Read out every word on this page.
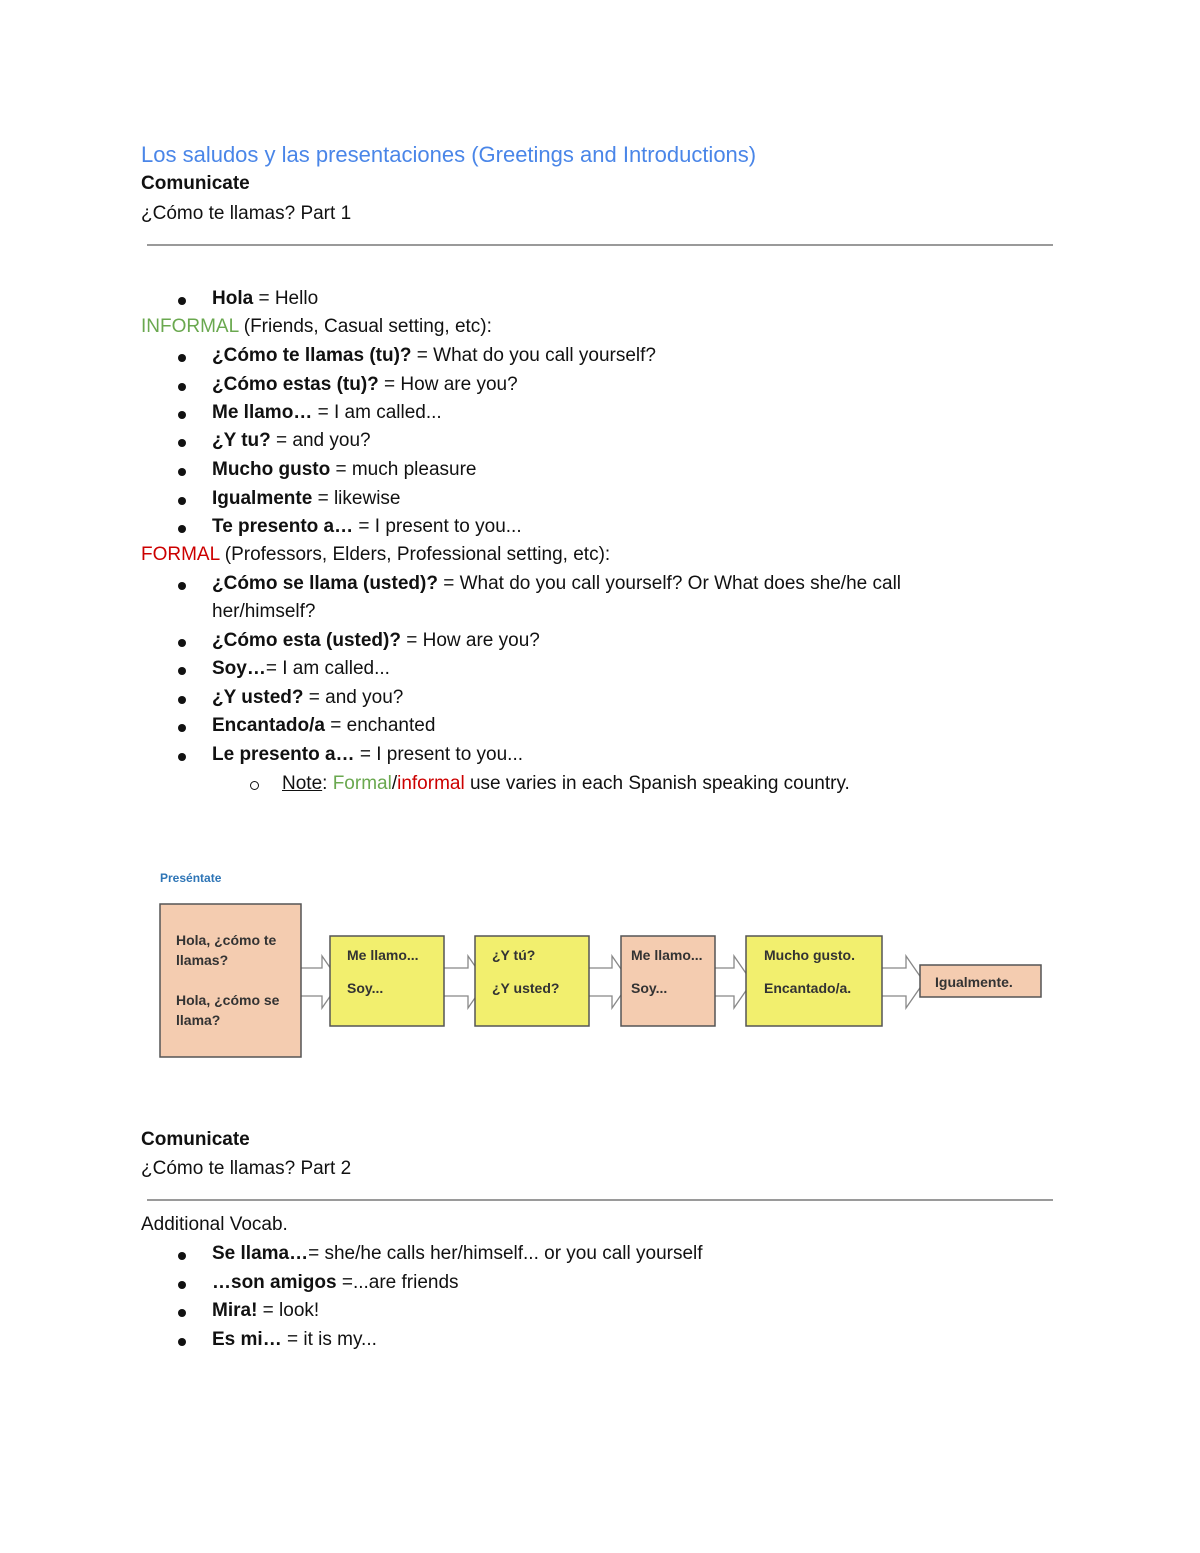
Los saludos y las presentaciones (Greetings and Introductions)
Comunicate
¿Cómo te llamas? Part 1
Hola = Hello
INFORMAL (Friends, Casual setting, etc):
¿Cómo te llamas (tu)? = What do you call yourself?
¿Cómo estas (tu)? = How are you?
Me llamo… = I am called...
¿Y tu? = and you?
Mucho gusto = much pleasure
Igualmente = likewise
Te presento a… = I present to you...
FORMAL (Professors, Elders, Professional setting, etc):
¿Cómo se llama (usted)? = What do you call yourself? Or What does she/he call
her/himself?
¿Cómo esta (usted)? = How are you?
Soy…= I am called...
¿Y usted? = and you?
Encantado/a = enchanted
Le presento a… = I present to you...
Note: Formal/informal use varies in each Spanish speaking country.
Preséntate
Hola, ¿cómo te
llamas?
Hola, ¿cómo se
llama?
Me llamo...
Soy...
¿Y tú?
¿Y usted?
Me llamo...
Soy...
Mucho gusto.
Encantado/a.	Igualmente.
Comunicate
¿Cómo te llamas? Part 2
Additional Vocab.
Se llama…= she/he calls her/himself... or you call yourself
…son amigos =...are friends
Mira! = look!
Es mi… = it is my...
